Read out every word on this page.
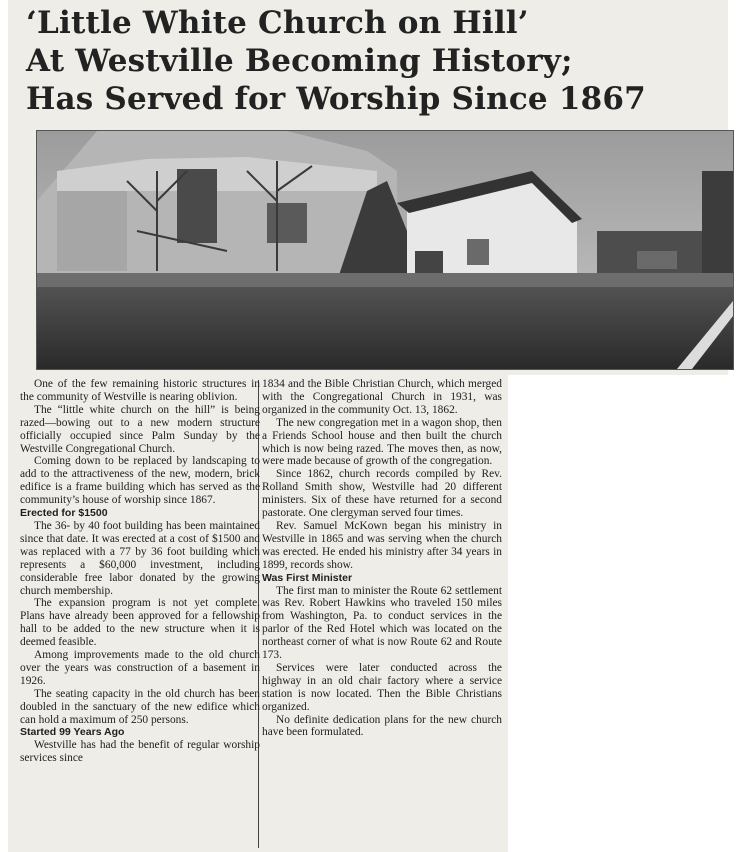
‘Little White Church on Hill’
At Westville Becoming History;
Has Served for Worship Since 1867

One of the few remaining historic structures in the community of Westville is nearing oblivion.

The “little white church on the hill” is being razed—bowing out to a new modern structure officially occupied since Palm Sunday by the Westville Congregational Church.

Coming down to be replaced by landscaping to add to the attractiveness of the new, modern, brick edifice is a frame building which has served as the community’s house of worship since 1867.

Erected for $1500

The 36- by 40 foot building has been maintained since that date. It was erected at a cost of $1500 and was replaced with a 77 by 36 foot building which represents a $60,000 investment, including considerable free labor donated by the growing church membership.

The expansion program is not yet complete. Plans have already been approved for a fellowship hall to be added to the new structure when it is deemed feasible.

Among improvements made to the old church over the years was construction of a basement in 1926.

The seating capacity in the old church has been doubled in the sanctuary of the new edifice which can hold a maximum of 250 persons.

Started 99 Years Ago

Westville has had the benefit of regular worship services since

1834 and the Bible Christian Church, which merged with the Congregational Church in 1931, was organized in the community Oct. 13, 1862.

The new congregation met in a wagon shop, then a Friends School house and then built the church which is now being razed. The moves then, as now, were made because of growth of the congregation.

Since 1862, church records compiled by Rev. Rolland Smith show, Westville had 20 different ministers. Six of these have returned for a second pastorate. One clergyman served four times.

Rev. Samuel McKown began his ministry in Westville in 1865 and was serving when the church was erected. He ended his ministry after 34 years in 1899, records show.

Was First Minister

The first man to minister the Route 62 settlement was Rev. Robert Hawkins who traveled 150 miles from Washington, Pa. to conduct services in the parlor of the Red Hotel which was located on the northeast corner of what is now Route 62 and Route 173.

Services were later conducted across the highway in an old chair factory where a service station is now located. Then the Bible Christians organized.

No definite dedication plans for the new church have been formulated.
